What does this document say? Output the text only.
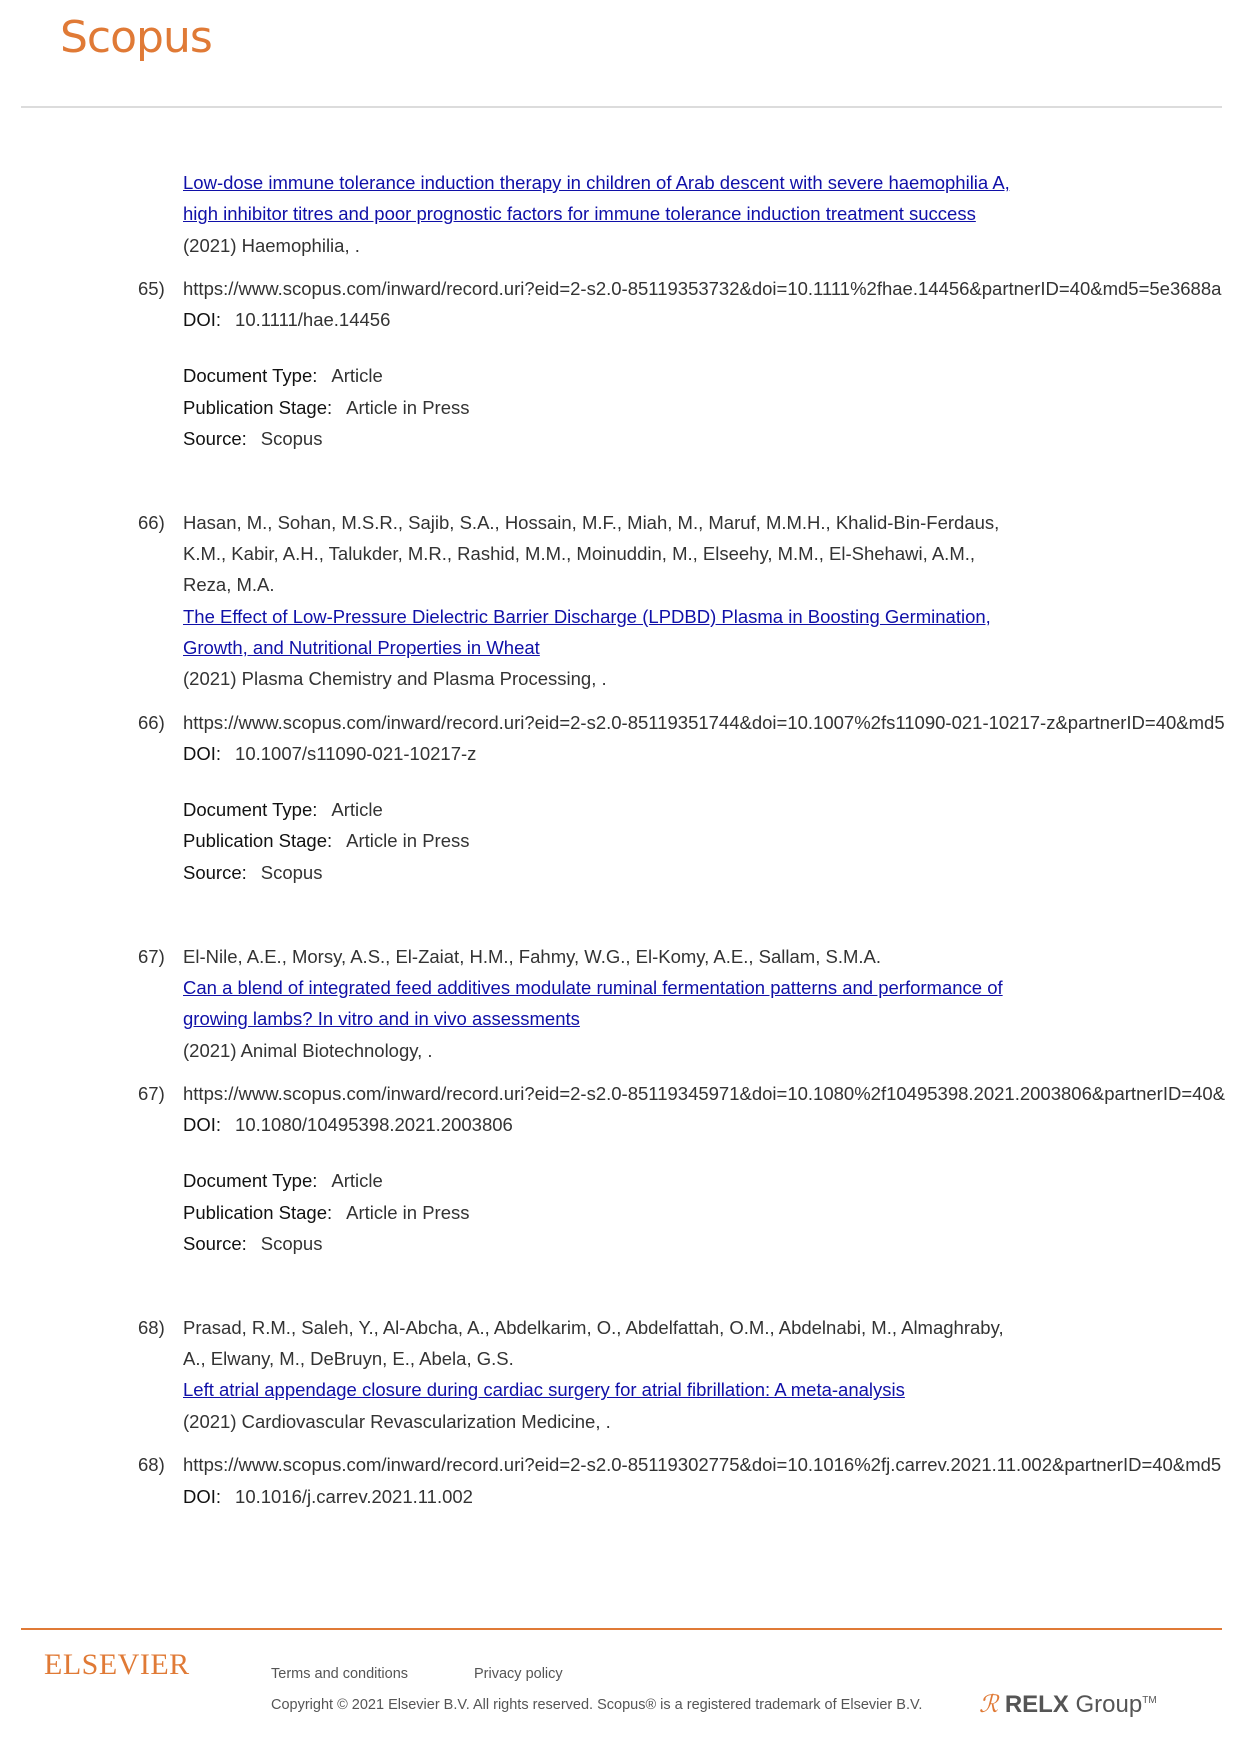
Scopus
Low-dose immune tolerance induction therapy in children of Arab descent with severe haemophilia A,
high inhibitor titres and poor prognostic factors for immune tolerance induction treatment success
(2021) Haemophilia, .
65) https://www.scopus.com/inward/record.uri?eid=2-s2.0-85119353732&doi=10.1111%2fhae.14456&partnerID=40&md5=5e3688a
DOI: 10.1111/hae.14456
Document Type: Article
Publication Stage: Article in Press
Source: Scopus
66) Hasan, M., Sohan, M.S.R., Sajib, S.A., Hossain, M.F., Miah, M., Maruf, M.M.H., Khalid-Bin-Ferdaus,
K.M., Kabir, A.H., Talukder, M.R., Rashid, M.M., Moinuddin, M., Elseehy, M.M., El-Shehawi, A.M.,
Reza, M.A.
The Effect of Low-Pressure Dielectric Barrier Discharge (LPDBD) Plasma in Boosting Germination,
Growth, and Nutritional Properties in Wheat
(2021) Plasma Chemistry and Plasma Processing, .
66) https://www.scopus.com/inward/record.uri?eid=2-s2.0-85119351744&doi=10.1007%2fs11090-021-10217-z&partnerID=40&md5
DOI: 10.1007/s11090-021-10217-z
Document Type: Article
Publication Stage: Article in Press
Source: Scopus
67) El-Nile, A.E., Morsy, A.S., El-Zaiat, H.M., Fahmy, W.G., El-Komy, A.E., Sallam, S.M.A.
Can a blend of integrated feed additives modulate ruminal fermentation patterns and performance of
growing lambs? In vitro and in vivo assessments
(2021) Animal Biotechnology, .
67) https://www.scopus.com/inward/record.uri?eid=2-s2.0-85119345971&doi=10.1080%2f10495398.2021.2003806&partnerID=40&
DOI: 10.1080/10495398.2021.2003806
Document Type: Article
Publication Stage: Article in Press
Source: Scopus
68) Prasad, R.M., Saleh, Y., Al-Abcha, A., Abdelkarim, O., Abdelfattah, O.M., Abdelnabi, M., Almaghraby,
A., Elwany, M., DeBruyn, E., Abela, G.S.
Left atrial appendage closure during cardiac surgery for atrial fibrillation: A meta-analysis
(2021) Cardiovascular Revascularization Medicine, .
68) https://www.scopus.com/inward/record.uri?eid=2-s2.0-85119302775&doi=10.1016%2fj.carrev.2021.11.002&partnerID=40&md5
DOI: 10.1016/j.carrev.2021.11.002
ELSEVIER	Terms and conditions	Privacy policy
Copyright © 2021 Elsevier B.V. All rights reserved. Scopus® is a registered trademark of Elsevier B.V. ℛ RELX Group™
